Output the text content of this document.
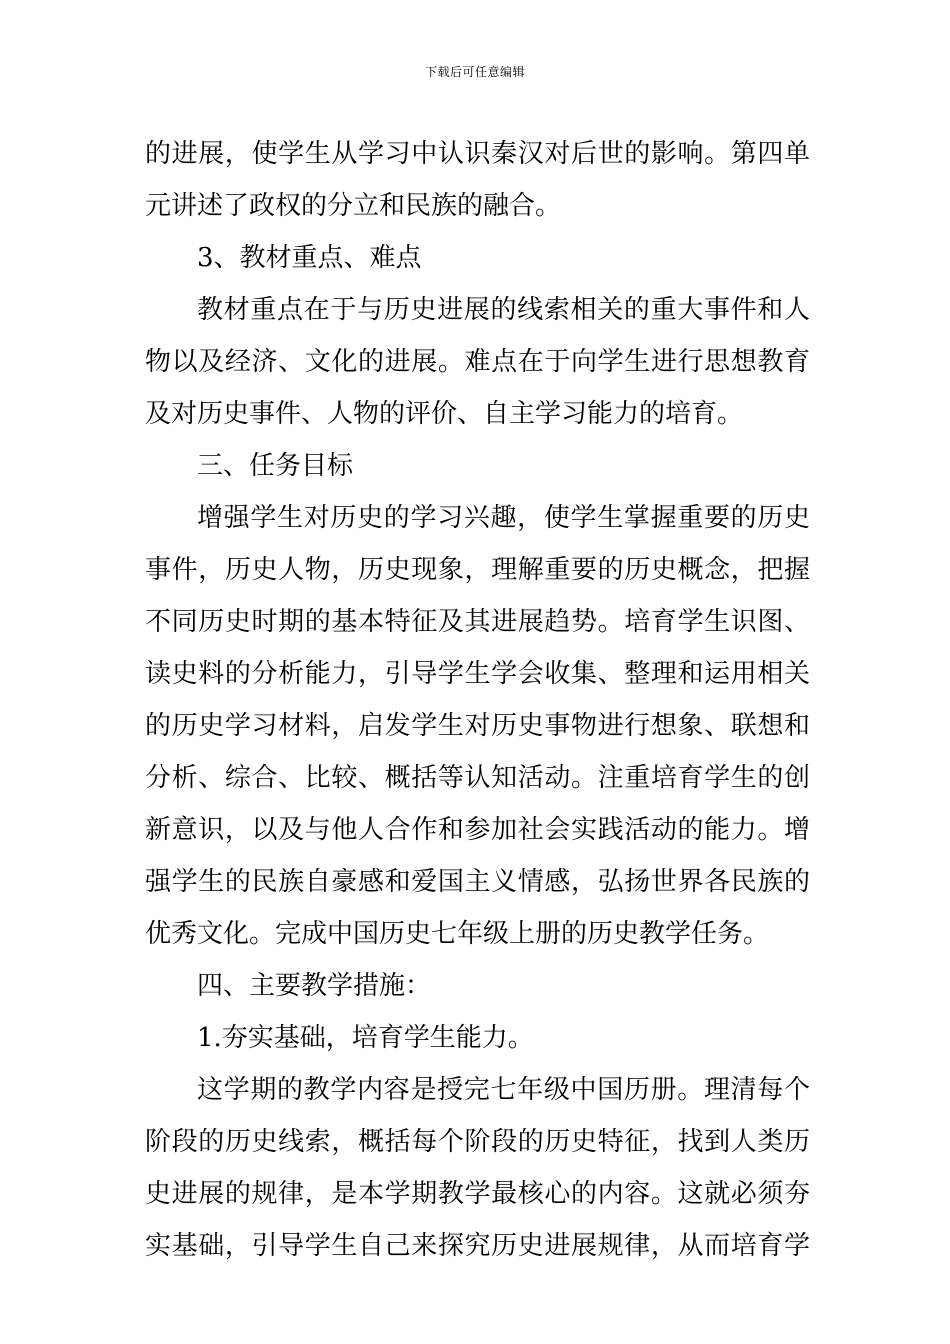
下载后可任意编辑
的进展，使学生从学习中认识秦汉对后世的影响。第四单
元讲述了政权的分立和民族的融合。
3、教材重点、难点
教材重点在于与历史进展的线索相关的重大事件和人
物以及经济、文化的进展。难点在于向学生进行思想教育
及对历史事件、人物的评价、自主学习能力的培育。
三、任务目标
增强学生对历史的学习兴趣，使学生掌握重要的历史
事件，历史人物，历史现象，理解重要的历史概念，把握
不同历史时期的基本特征及其进展趋势。培育学生识图、
读史料的分析能力，引导学生学会收集、整理和运用相关
的历史学习材料，启发学生对历史事物进行想象、联想和
分析、综合、比较、概括等认知活动。注重培育学生的创
新意识，以及与他人合作和参加社会实践活动的能力。增
强学生的民族自豪感和爱国主义情感，弘扬世界各民族的
优秀文化。完成中国历史七年级上册的历史教学任务。
四、主要教学措施：
1.夯实基础，培育学生能力。
这学期的教学内容是授完七年级中国历册。理清每个
阶段的历史线索，概括每个阶段的历史特征，找到人类历
史进展的规律，是本学期教学最核心的内容。这就必须夯
实基础，引导学生自己来探究历史进展规律，从而培育学
